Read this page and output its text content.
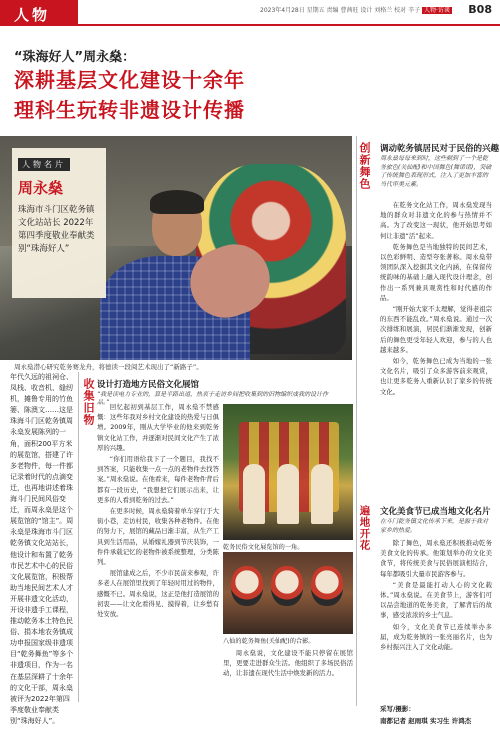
人物	2023年4月28日 星期五 责编 曹茜旺 设计 刘格兰 校对 辛子 人物·访谈 B08
“珠海好人”周永燊：
深耕基层文化建设十余年
理科生玩转非遗设计传播
人物名片
周永燊
珠海市斗门区乾务镇文化站站长 2022年第四季度敬业奉献类别“珠海好人”
周永燊潜心研究乾务赛龙舟，将德读一段阅艺术现出了“新路子”。
年代久远的祖祠仓、凤栈、收音机、缝纫机，摊鲁专用的竹鱼篓、陈澳文……这是珠海斗门区乾务镇周永燊发展陈列的一角，面积200平方米的展览馆，搭建了许多老物件，每一件都记录着时代的点滴变迁，也再地讲述着珠海斗门民间风俗变迁，而周永燊是这个展览馆的“馆主”。周永燊是珠海市斗门区乾务镇文化站站长，他设计和布置了乾务市民艺术中心的民俗文化展览馆，积极帮助当地民间艺术人才开展非遗文化活动，开设非遗手工课程，推动乾务本土特色民俗、捐本地农务镇成功申报国家级非遗项目“乾务舞鱼”等多个非遗项目，作为一名在基层深耕了十余年的文化干部，周永燊被评为2022年第四季度敬业奉献类别“珠海好人”。
收集旧物 设计打造地方民俗文化展馆
“我是读电力专业的，算是半路出道，热衷于走访乡间把收集到的旧物编织成我的设计作品。”

回忆起初到基层工作，周永燊不禁感慨：这些年我对乡村文化建设的热爱与日俱增。2009年，刚从大学毕业的他来到乾务镇文化站工作，并逐渐对民间文化产生了浓厚的兴趣。

“你们用语给我下了一个题目，我找不到答案，只能收集一点一点的老物件去找答案。”周永燊说。在他看来，每件老物件背后都有一段历史，“我想把它们展示出来，让更多的人看到乾务的过去。”

在更多时候，周永燊骑着单车穿行于大街小巷，走访村民，收集各种老物件。在他的努力下，展馆的藏品日渐丰富，从生产工具到生活用品，从婚嫁礼器到节庆装饰，一件件承载记忆的老物件被系统整理，分类陈列。

展馆建成之后，不少市民前来参观，许多老人在展馆里找到了年轻时用过的物件，感慨不已。周永燊说，这正是他打造展馆的初衷——让文化看得见、摸得着，让乡愁有处安放。

乾务民俗文化展览馆的一角。
八仙的乾务舞鱼(关仙配)的合影。

周永燊说，文化建设不能只停留在展馆里，更要走进群众生活。他组织了多场民俗活动，让非遗在现代生活中焕发新的活力。

创新舞色 调动乾务镇居民对于民俗的兴趣
周永燊每每来到时，这些剩到了一个是乾务旅色(关仙配)和中国舞色(舞诺诺)，突破了传统舞色表现形式，注入了更加丰富的当代审美元素。

在乾务文化站工作，周永燊发现当地的群众对非遗文化的参与热情并不高。为了改变这一现状，他开始思考如何让非遗“活”起来。

乾务舞色是当地独特的民间艺术，以色彩鲜明、造型夸张著称。周永燊带领团队深入挖掘其文化内涵，在保留传统韵味的基础上融入现代设计理念，创作出一系列兼具观赏性和时代感的作品。

“刚开始大家不太理解，觉得老祖宗的东西不能乱改。”周永燊说。通过一次次排练和展演，居民们渐渐发现，创新后的舞色更受年轻人欢迎，参与的人也越来越多。

如今，乾务舞色已成为当地的一张文化名片，吸引了众多游客前来观赏，也让更多乾务人重新认识了家乡的传统文化。

遍地开花 文化美食节已成当地文化名片
在斗门乾务镇文化传承下来，是源于我对家乡的热爱。

除了舞色，周永燊还积极推动乾务美食文化的传承。他策划举办的文化美食节，将传统美食与民俗展演相结合，每年都吸引大量市民游客参与。

“美食是最能打动人心的文化载体。”周永燊说。在美食节上，游客们可以品尝地道的乾务美食，了解背后的故事，感受浓浓的乡土气息。

如今，文化美食节已连续举办多届，成为乾务镇的一张亮丽名片，也为乡村振兴注入了文化动能。

采写/摄影：
南都记者 赵雨琪 实习生 许鸿杰
